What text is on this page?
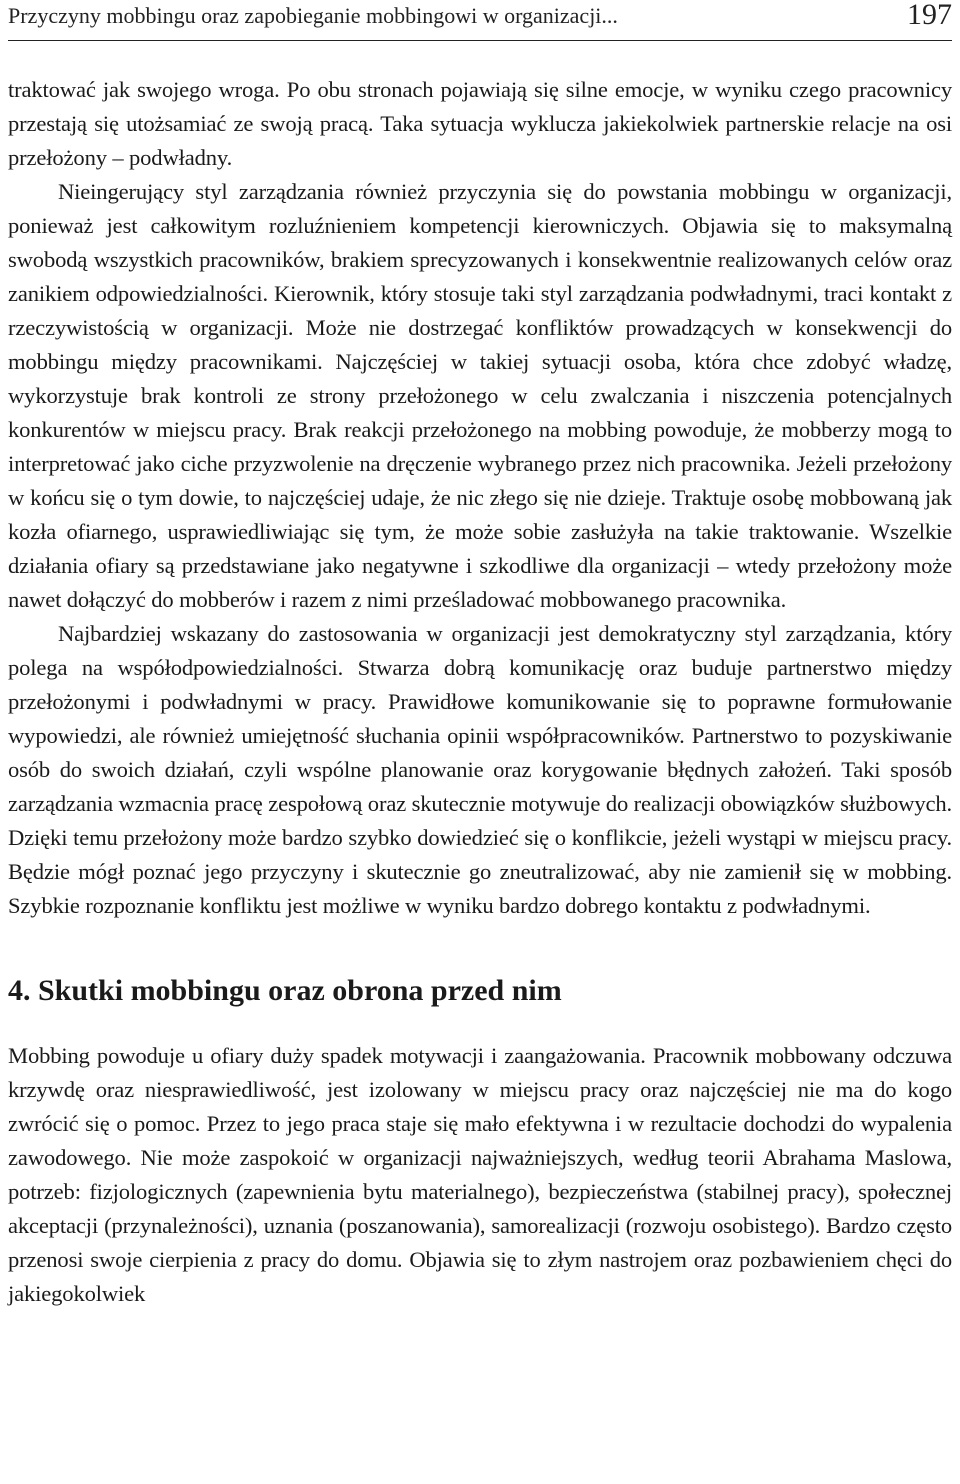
Przyczyny mobbingu oraz zapobieganie mobbingowi w organizacji...	197

traktować jak swojego wroga. Po obu stronach pojawiają się silne emocje, w wyniku czego pracownicy przestają się utożsamiać ze swoją pracą. Taka sytuacja wyklucza jakiekolwiek partnerskie relacje na osi przełożony – podwładny.

Nieingerujący styl zarządzania również przyczynia się do powstania mobbingu w organizacji, ponieważ jest całkowitym rozluźnieniem kompetencji kierowniczych. Objawia się to maksymalną swobodą wszystkich pracowników, brakiem sprecyzowanych i konsekwentnie realizowanych celów oraz zanikiem odpowiedzialności. Kierownik, który stosuje taki styl zarządzania podwładnymi, traci kontakt z rzeczywistością w organizacji. Może nie dostrzegać konfliktów prowadzących w konsekwencji do mobbingu między pracownikami. Najczęściej w takiej sytuacji osoba, która chce zdobyć władzę, wykorzystuje brak kontroli ze strony przełożonego w celu zwalczania i niszczenia potencjalnych konkurentów w miejscu pracy. Brak reakcji przełożonego na mobbing powoduje, że mobberzy mogą to interpretować jako ciche przyzwolenie na dręczenie wybranego przez nich pracownika. Jeżeli przełożony w końcu się o tym dowie, to najczęściej udaje, że nic złego się nie dzieje. Traktuje osobę mobbowaną jak kozła ofiarnego, usprawiedliwiając się tym, że może sobie zasłużyła na takie traktowanie. Wszelkie działania ofiary są przedstawiane jako negatywne i szkodliwe dla organizacji – wtedy przełożony może nawet dołączyć do mobberów i razem z nimi prześladować mobbowanego pracownika.

Najbardziej wskazany do zastosowania w organizacji jest demokratyczny styl zarządzania, który polega na współodpowiedzialności. Stwarza dobrą komunikację oraz buduje partnerstwo między przełożonymi i podwładnymi w pracy. Prawidłowe komunikowanie się to poprawne formułowanie wypowiedzi, ale również umiejętność słuchania opinii współpracowników. Partnerstwo to pozyskiwanie osób do swoich działań, czyli wspólne planowanie oraz korygowanie błędnych założeń. Taki sposób zarządzania wzmacnia pracę zespołową oraz skutecznie motywuje do realizacji obowiązków służbowych. Dzięki temu przełożony może bardzo szybko dowiedzieć się o konflikcie, jeżeli wystąpi w miejscu pracy. Będzie mógł poznać jego przyczyny i skutecznie go zneutralizować, aby nie zamienił się w mobbing. Szybkie rozpoznanie konfliktu jest możliwe w wyniku bardzo dobrego kontaktu z podwładnymi.

4. Skutki mobbingu oraz obrona przed nim

Mobbing powoduje u ofiary duży spadek motywacji i zaangażowania. Pracownik mobbowany odczuwa krzywdę oraz niesprawiedliwość, jest izolowany w miejscu pracy oraz najczęściej nie ma do kogo zwrócić się o pomoc. Przez to jego praca staje się mało efektywna i w rezultacie dochodzi do wypalenia zawodowego. Nie może zaspokoić w organizacji najważniejszych, według teorii Abrahama Maslowa, potrzeb: fizjologicznych (zapewnienia bytu materialnego), bezpieczeństwa (stabilnej pracy), społecznej akceptacji (przynależności), uznania (poszanowania), samorealizacji (rozwoju osobistego). Bardzo często przenosi swoje cierpienia z pracy do domu. Objawia się to złym nastrojem oraz pozbawieniem chęci do jakiegokolwiek
